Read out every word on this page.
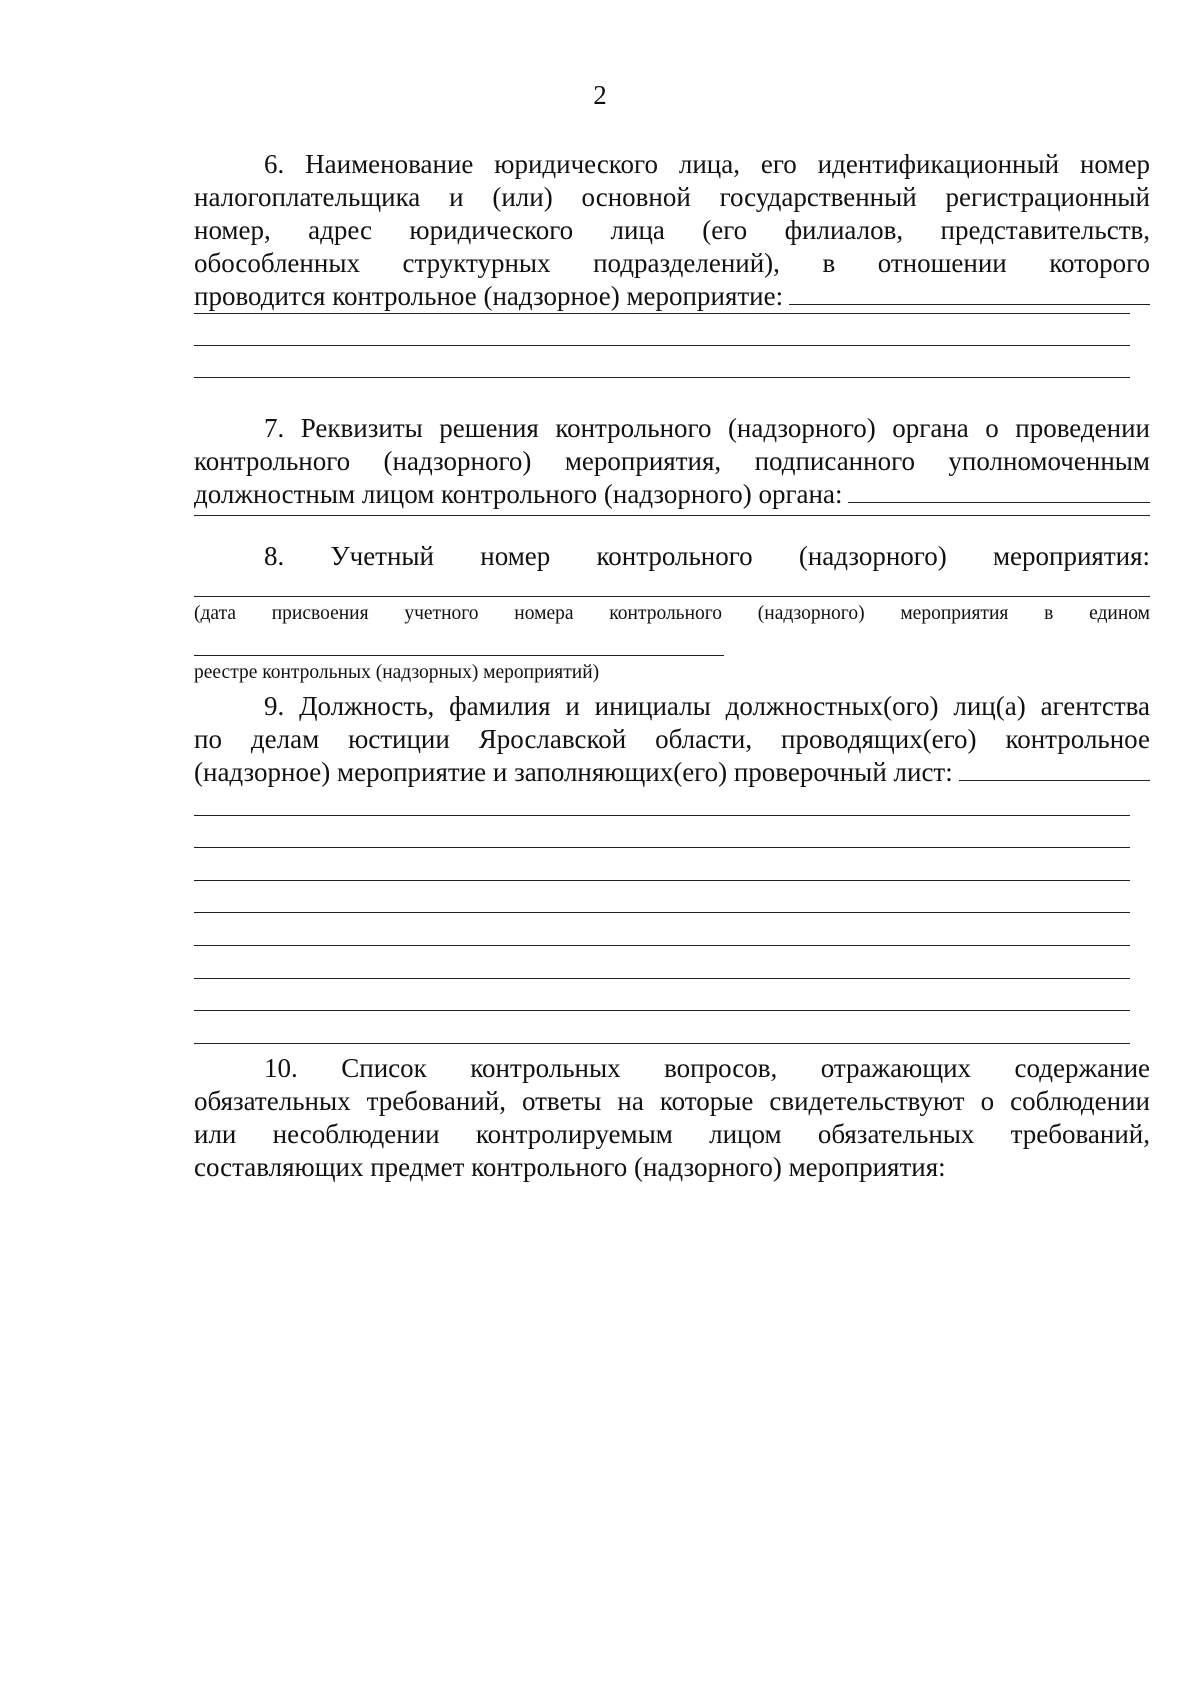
2
6. Наименование юридического лица, его идентификационный номер
налогоплательщика и (или) основной государственный регистрационный
номер, адрес юридического лица (его филиалов, представительств,
обособленных структурных подразделений), в отношении которого
проводится контрольное (надзорное) мероприятие:
7. Реквизиты решения контрольного (надзорного) органа о проведении
контрольного (надзорного) мероприятия, подписанного уполномоченным
должностным лицом контрольного (надзорного) органа:
8. Учетный номер контрольного (надзорного) мероприятия:
(дата присвоения учетного номера контрольного (надзорного) мероприятия в едином
реестре контрольных (надзорных) мероприятий)
9. Должность, фамилия и инициалы должностных(ого) лиц(а) агентства
по делам юстиции Ярославской области, проводящих(его) контрольное
(надзорное) мероприятие и заполняющих(его) проверочный лист:
10. Список контрольных вопросов, отражающих содержание
обязательных требований, ответы на которые свидетельствуют о соблюдении
или несоблюдении контролируемым лицом обязательных требований,
составляющих предмет контрольного (надзорного) мероприятия:
